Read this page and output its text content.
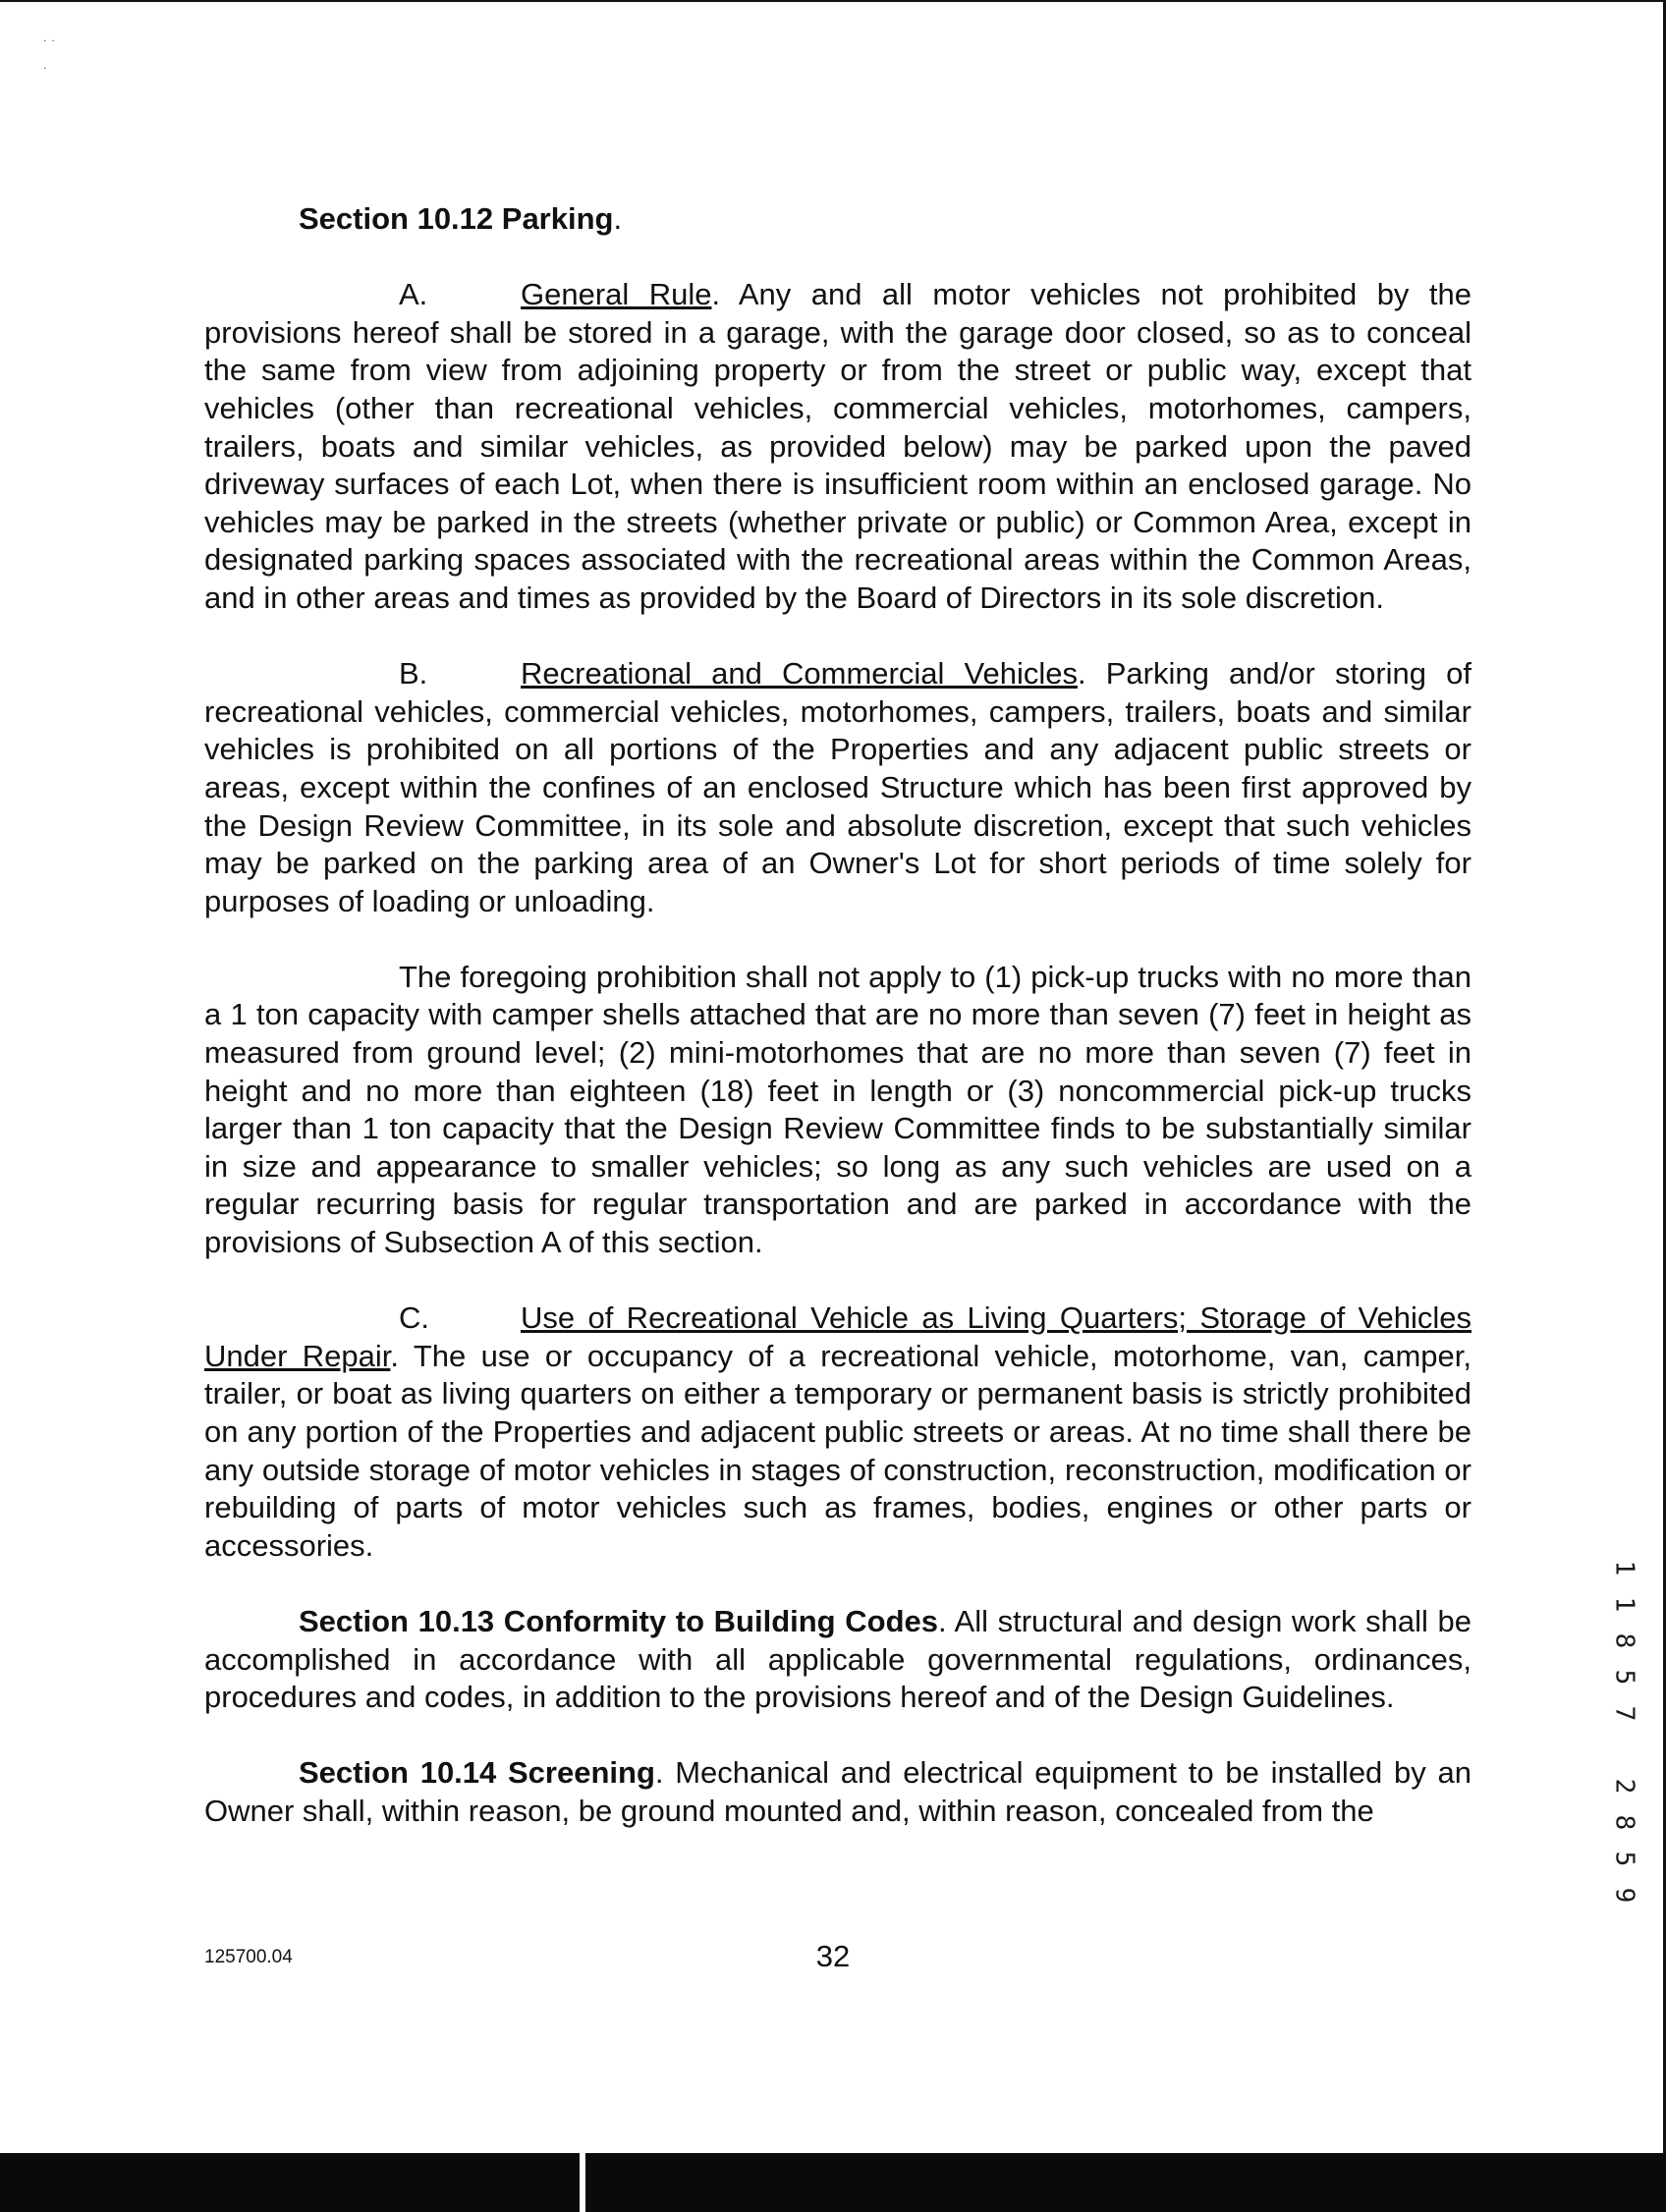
˙ ˙
˙

Section 10.12 Parking.

A.	General Rule. Any and all motor vehicles not prohibited by the provisions hereof shall be stored in a garage, with the garage door closed, so as to conceal the same from view from adjoining property or from the street or public way, except that vehicles (other than recreational vehicles, commercial vehicles, motorhomes, campers, trailers, boats and similar vehicles, as provided below) may be parked upon the paved driveway surfaces of each Lot, when there is insufficient room within an enclosed garage. No vehicles may be parked in the streets (whether private or public) or Common Area, except in designated parking spaces associated with the recreational areas within the Common Areas, and in other areas and times as provided by the Board of Directors in its sole discretion.

B.	Recreational and Commercial Vehicles. Parking and/or storing of recreational vehicles, commercial vehicles, motorhomes, campers, trailers, boats and similar vehicles is prohibited on all portions of the Properties and any adjacent public streets or areas, except within the confines of an enclosed Structure which has been first approved by the Design Review Committee, in its sole and absolute discretion, except that such vehicles may be parked on the parking area of an Owner's Lot for short periods of time solely for purposes of loading or unloading.

The foregoing prohibition shall not apply to (1) pick-up trucks with no more than a 1 ton capacity with camper shells attached that are no more than seven (7) feet in height as measured from ground level; (2) mini-motorhomes that are no more than seven (7) feet in height and no more than eighteen (18) feet in length or (3) noncommercial pick-up trucks larger than 1 ton capacity that the Design Review Committee finds to be substantially similar in size and appearance to smaller vehicles; so long as any such vehicles are used on a regular recurring basis for regular transportation and are parked in accordance with the provisions of Subsection A of this section.

C.	Use of Recreational Vehicle as Living Quarters; Storage of Vehicles Under Repair. The use or occupancy of a recreational vehicle, motorhome, van, camper, trailer, or boat as living quarters on either a temporary or permanent basis is strictly prohibited on any portion of the Properties and adjacent public streets or areas. At no time shall there be any outside storage of motor vehicles in stages of construction, reconstruction, modification or rebuilding of parts of motor vehicles such as frames, bodies, engines or other parts or accessories.

Section 10.13 Conformity to Building Codes. All structural and design work shall be accomplished in accordance with all applicable governmental regulations, ordinances, procedures and codes, in addition to the provisions hereof and of the Design Guidelines.

Section 10.14 Screening. Mechanical and electrical equipment to be installed by an Owner shall, within reason, be ground mounted and, within reason, concealed from the

125700.04	32
1
1
8
5
7

2
8
5
9
